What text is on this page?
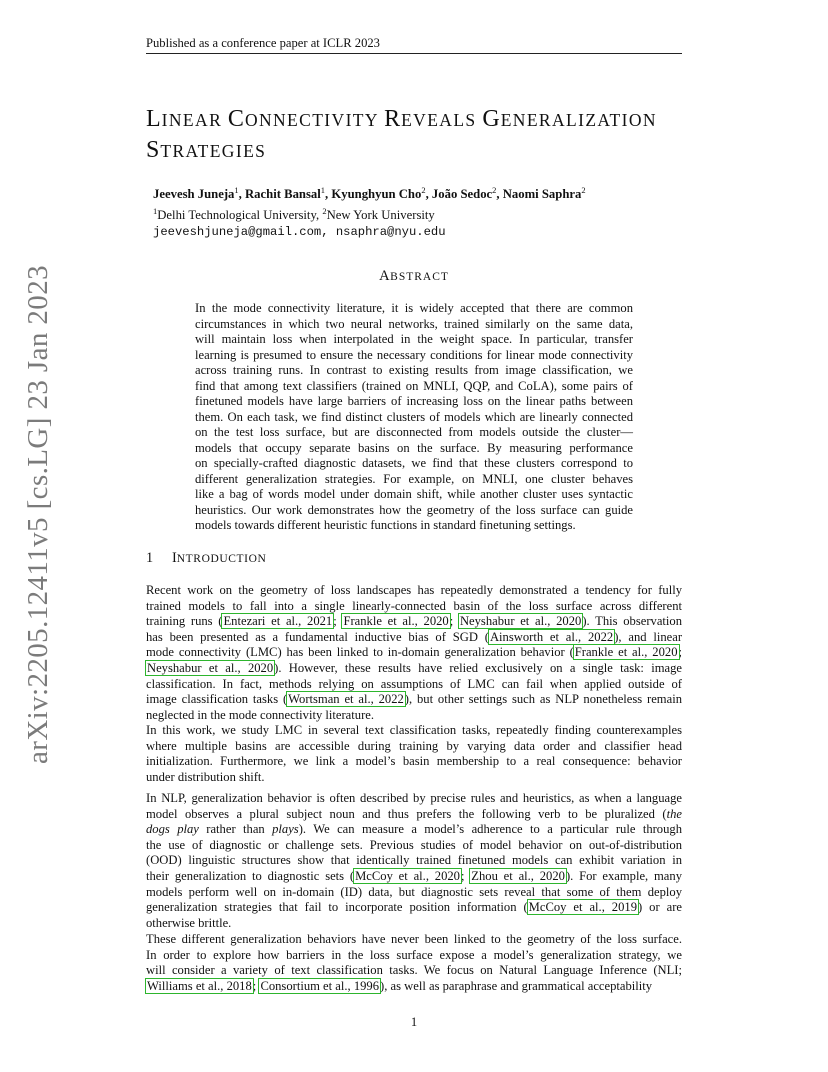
Published as a conference paper at ICLR 2023
arXiv:2205.12411v5 [cs.LG] 23 Jan 2023
LINEAR CONNECTIVITY REVEALS GENERALIZATION
STRATEGIES
Jeevesh Juneja$^1$, Rachit Bansal$^1$, Kyunghyun Cho$^2$, João Sedoc$^2$, Naomi Saphra$^2$
$^1$Delhi Technological University, $^2$New York University
jeeveshjuneja@gmail.com, nsaphra@nyu.edu
ABSTRACT
In the mode connectivity literature, it is widely accepted that there are common
circumstances in which two neural networks, trained similarly on the same data,
will maintain loss when interpolated in the weight space. In particular, transfer
learning is presumed to ensure the necessary conditions for linear mode connectivity
across training runs. In contrast to existing results from image classification, we
find that among text classifiers (trained on MNLI, QQP, and CoLA), some pairs of
finetuned models have large barriers of increasing loss on the linear paths between
them. On each task, we find distinct clusters of models which are linearly connected
on the test loss surface, but are disconnected from models outside the cluster—
models that occupy separate basins on the surface. By measuring performance
on specially-crafted diagnostic datasets, we find that these clusters correspond to
different generalization strategies. For example, on MNLI, one cluster behaves
like a bag of words model under domain shift, while another cluster uses syntactic
heuristics. Our work demonstrates how the geometry of the loss surface can guide
models towards different heuristic functions in standard finetuning settings.
1 INTRODUCTION
Recent work on the geometry of loss landscapes has repeatedly demonstrated a tendency for fully
trained models to fall into a single linearly-connected basin of the loss surface across different
training runs (Entezari et al., 2021; Frankle et al., 2020; Neyshabur et al., 2020). This observation
has been presented as a fundamental inductive bias of SGD (Ainsworth et al., 2022), and linear
mode connectivity (LMC) has been linked to in-domain generalization behavior (Frankle et al., 2020;
Neyshabur et al., 2020). However, these results have relied exclusively on a single task: image
classification. In fact, methods relying on assumptions of LMC can fail when applied outside of
image classification tasks (Wortsman et al., 2022), but other settings such as NLP nonetheless remain
neglected in the mode connectivity literature.
In this work, we study LMC in several text classification tasks, repeatedly finding counterexamples
where multiple basins are accessible during training by varying data order and classifier head
initialization. Furthermore, we link a model’s basin membership to a real consequence: behavior
under distribution shift.
In NLP, generalization behavior is often described by precise rules and heuristics, as when a language
model observes a plural subject noun and thus prefers the following verb to be pluralized (the
dogs play rather than plays). We can measure a model’s adherence to a particular rule through
the use of diagnostic or challenge sets. Previous studies of model behavior on out-of-distribution
(OOD) linguistic structures show that identically trained finetuned models can exhibit variation in
their generalization to diagnostic sets (McCoy et al., 2020; Zhou et al., 2020). For example, many
models perform well on in-domain (ID) data, but diagnostic sets reveal that some of them deploy
generalization strategies that fail to incorporate position information (McCoy et al., 2019) or are
otherwise brittle.
These different generalization behaviors have never been linked to the geometry of the loss surface.
In order to explore how barriers in the loss surface expose a model’s generalization strategy, we
will consider a variety of text classification tasks. We focus on Natural Language Inference (NLI;
Williams et al., 2018; Consortium et al., 1996), as well as paraphrase and grammatical acceptability
1
